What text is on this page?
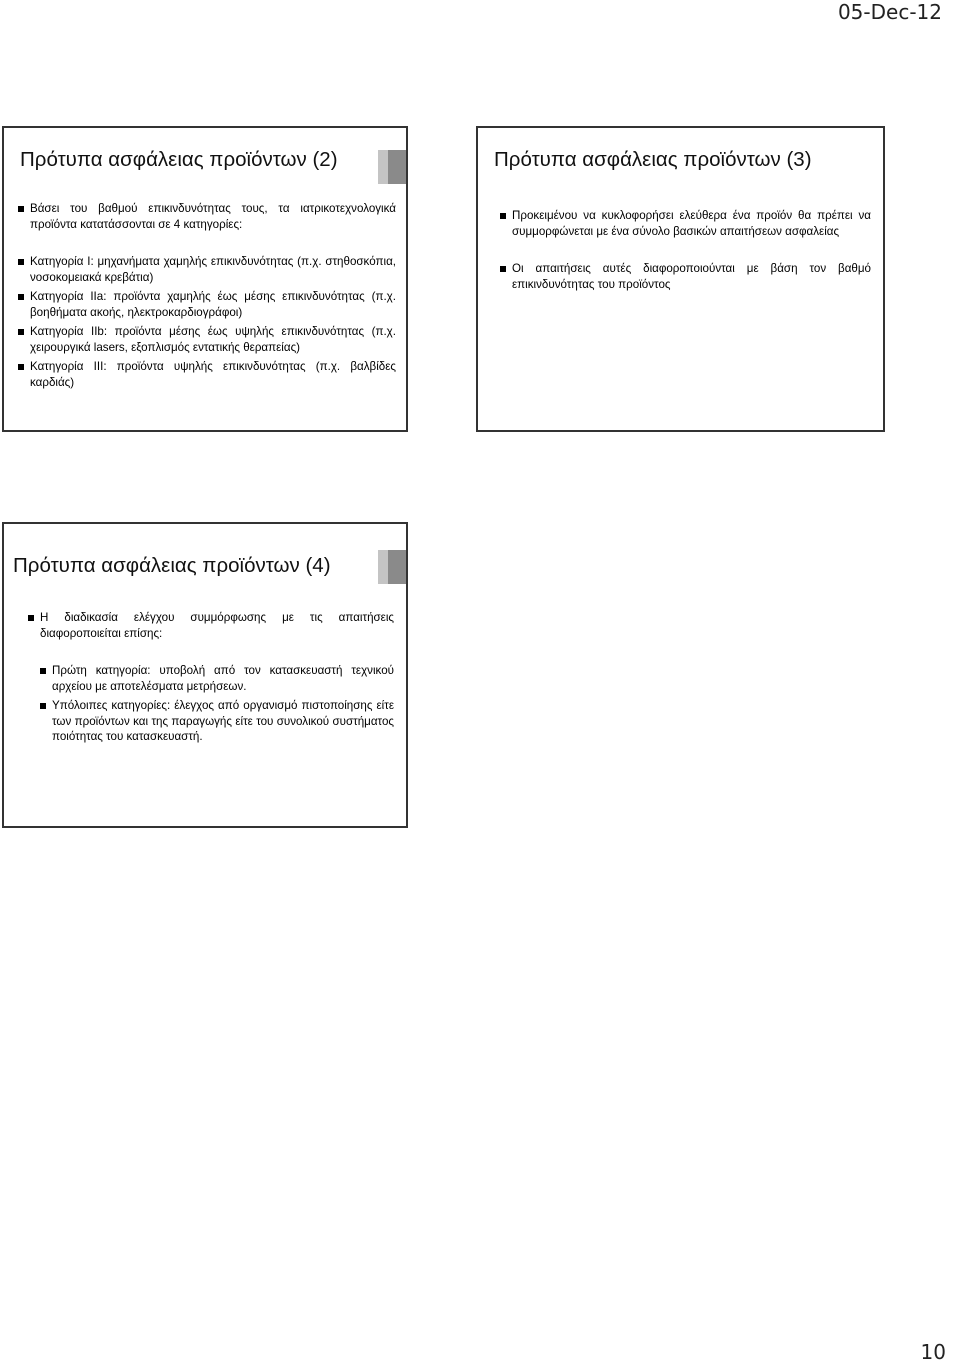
05-Dec-12
Πρότυπα ασφάλειας προϊόντων (2)
Βάσει του βαθμού επικινδυνότητας τους, τα ιατρικοτεχνολογικά προϊόντα κατατάσσονται σε 4 κατηγορίες:
Κατηγορία Ι: μηχανήματα χαμηλής επικινδυνότητας (π.χ. στηθοσκόπια, νοσοκομειακά κρεβάτια)
Κατηγορία ΙΙa: προϊόντα χαμηλής έως μέσης επικινδυνότητας (π.χ. βοηθήματα ακοής, ηλεκτροκαρδιογράφοι)
Κατηγορία ΙΙb: προϊόντα μέσης έως υψηλής επικινδυνότητας (π.χ. χειρουργικά lasers, εξοπλισμός εντατικής θεραπείας)
Κατηγορία ΙΙΙ: προϊόντα υψηλής επικινδυνότητας (π.χ. βαλβίδες καρδιάς)
Πρότυπα ασφάλειας προϊόντων (3)
Προκειμένου να κυκλοφορήσει ελεύθερα ένα προϊόν θα πρέπει να συμμορφώνεται με ένα σύνολο βασικών απαιτήσεων ασφαλείας
Οι απαιτήσεις αυτές διαφοροποιούνται με βάση τον βαθμό επικινδυνότητας του προϊόντος
Πρότυπα ασφάλειας προϊόντων (4)
Η διαδικασία ελέγχου συμμόρφωσης με τις απαιτήσεις διαφοροποιείται επίσης:
Πρώτη κατηγορία: υποβολή από τον κατασκευαστή τεχνικού αρχείου με αποτελέσματα μετρήσεων.
Υπόλοιπες κατηγορίες: έλεγχος από οργανισμό πιστοποίησης είτε των προϊόντων και της παραγωγής είτε του συνολικού συστήματος ποιότητας του κατασκευαστή.
10
